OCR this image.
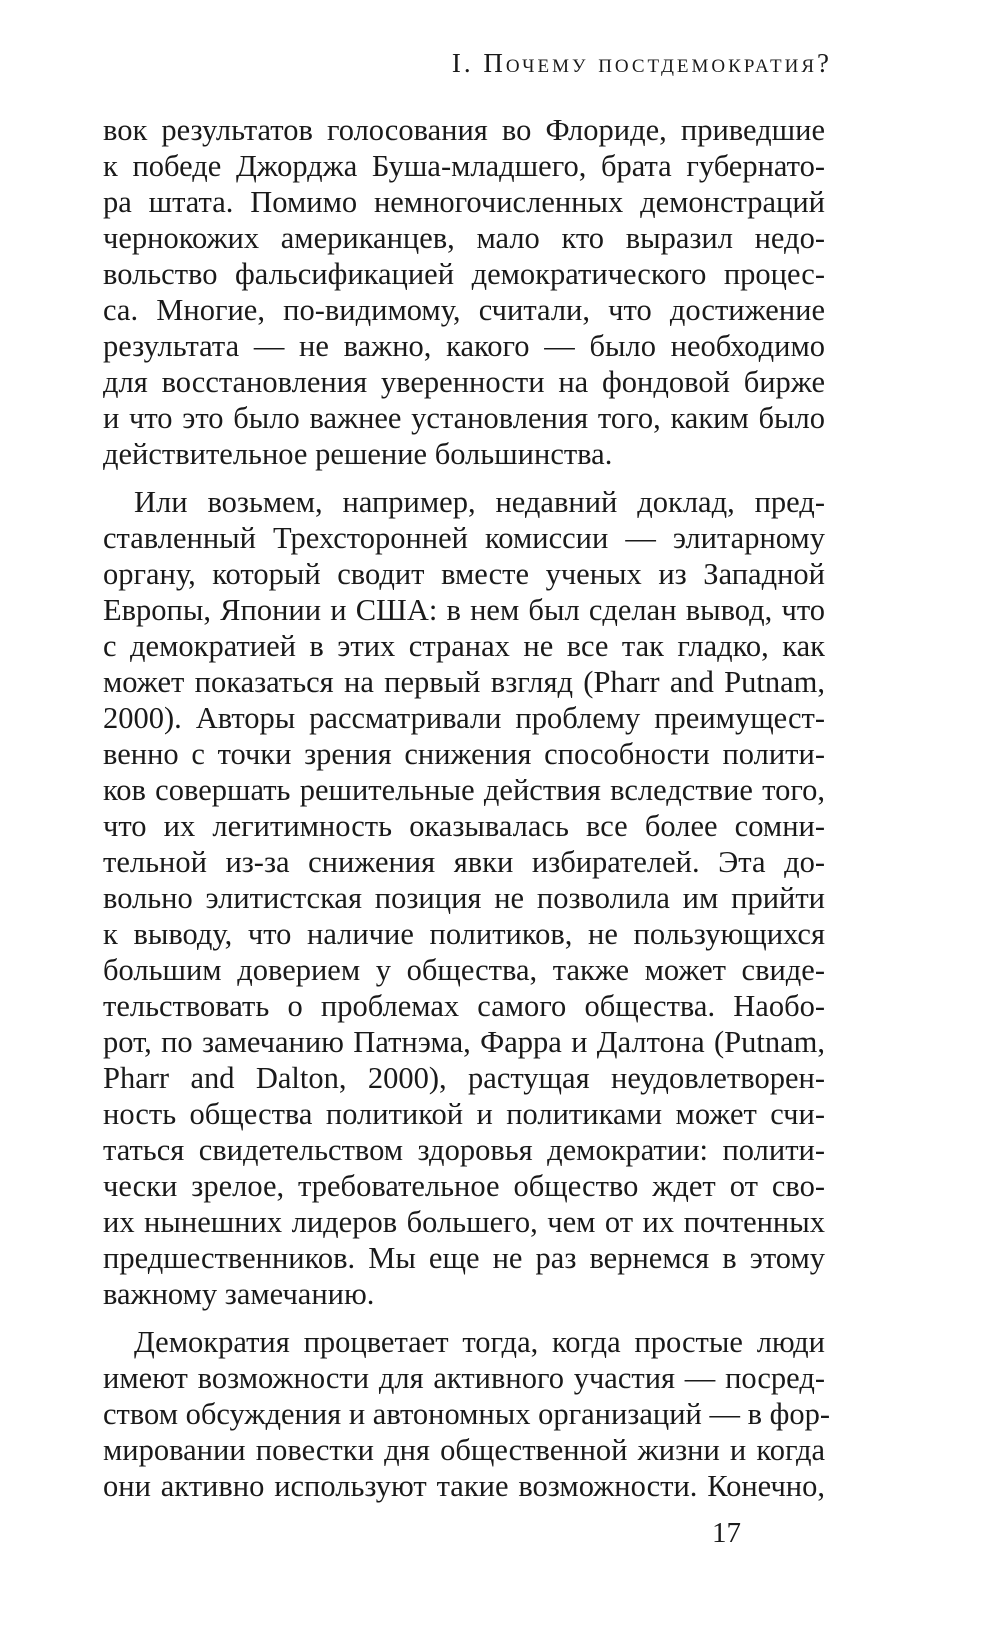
I. Почему постдемократия?
вок результатов голосования во Флориде, приведшие
к победе Джорджа Буша-младшего, брата губернато-
ра штата. Помимо немногочисленных демонстраций
чернокожих американцев, мало кто выразил недо-
вольство фальсификацией демократического процес-
са. Многие, по-видимому, считали, что достижение
результата — не важно, какого — было необходимо
для восстановления уверенности на фондовой бирже
и что это было важнее установления того, каким было
действительное решение большинства.
Или возьмем, например, недавний доклад, пред-
ставленный Трехсторонней комиссии — элитарному
органу, который сводит вместе ученых из Западной
Европы, Японии и США: в нем был сделан вывод, что
с демократией в этих странах не все так гладко, как
может показаться на первый взгляд (Pharr and Putnam,
2000). Авторы рассматривали проблему преимущест-
венно с точки зрения снижения способности полити-
ков совершать решительные действия вследствие того,
что их легитимность оказывалась все более сомни-
тельной из-за снижения явки избирателей. Эта до-
вольно элитистская позиция не позволила им прийти
к выводу, что наличие политиков, не пользующихся
большим доверием у общества, также может свиде-
тельствовать о проблемах самого общества. Наобо-
рот, по замечанию Патнэма, Фарра и Далтона (Putnam,
Pharr and Dalton, 2000), растущая неудовлетворен-
ность общества политикой и политиками может счи-
таться свидетельством здоровья демократии: полити-
чески зрелое, требовательное общество ждет от сво-
их нынешних лидеров большего, чем от их почтенных
предшественников. Мы еще не раз вернемся в этому
важному замечанию.
Демократия процветает тогда, когда простые люди
имеют возможности для активного участия — посред-
ством обсуждения и автономных организаций — в фор-
мировании повестки дня общественной жизни и когда
они активно используют такие возможности. Конечно,
17
